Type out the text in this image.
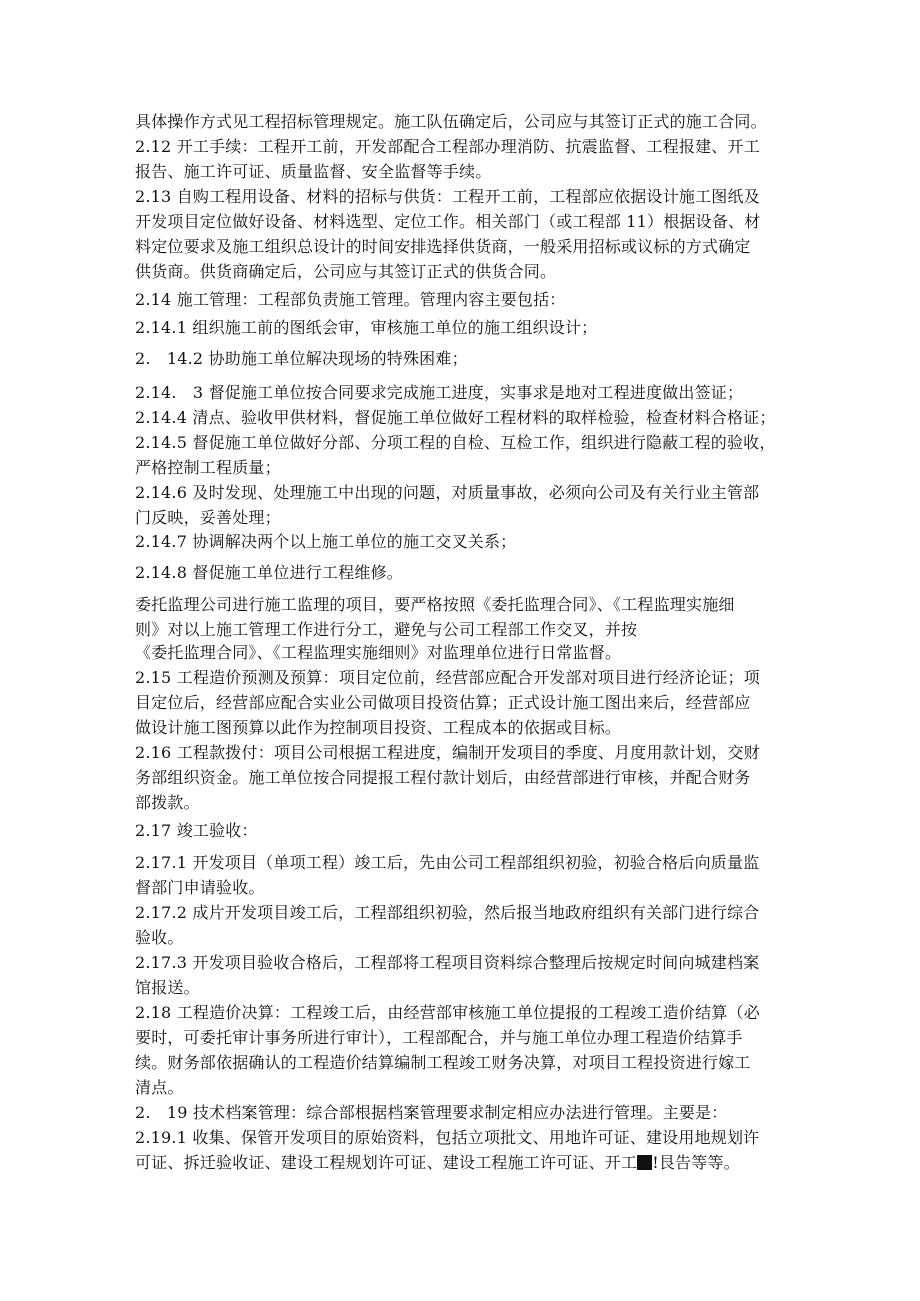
具体操作方式见工程招标管理规定。施工队伍确定后，公司应与其签订正式的施工合同。
2.12 开工手续：工程开工前，开发部配合工程部办理消防、抗震监督、工程报建、开工
报告、施工许可证、质量监督、安全监督等手续。
2.13 自购工程用设备、材料的招标与供货：工程开工前，工程部应依据设计施工图纸及
开发项目定位做好设备、材料选型、定位工作。相关部门（或工程部 11）根据设备、材
料定位要求及施工组织总设计的时间安排选择供货商，一般采用招标或议标的方式确定
供货商。供货商确定后，公司应与其签订正式的供货合同。
2.14 施工管理：工程部负责施工管理。管理内容主要包括：
2.14.1 组织施工前的图纸会审，审核施工单位的施工组织设计；
2.　14.2 协助施工单位解决现场的特殊困难；
2.14.　3 督促施工单位按合同要求完成施工进度，实事求是地对工程进度做出签证；
2.14.4 清点、验收甲供材料，督促施工单位做好工程材料的取样检验，检查材料合格证；
2.14.5 督促施工单位做好分部、分项工程的自检、互检工作，组织进行隐蔽工程的验收，
严格控制工程质量；
2.14.6 及时发现、处理施工中出现的问题，对质量事故，必须向公司及有关行业主管部
门反映，妥善处理；
2.14.7 协调解决两个以上施工单位的施工交叉关系；
2.14.8 督促施工单位进行工程维修。
委托监理公司进行施工监理的项目，要严格按照《委托监理合同》、《工程监理实施细
则》对以上施工管理工作进行分工，避免与公司工程部工作交叉，并按
《委托监理合同》、《工程监理实施细则》对监理单位进行日常监督。
2.15 工程造价预测及预算：项目定位前，经营部应配合开发部对项目进行经济论证；项
目定位后，经营部应配合实业公司做项目投资估算；正式设计施工图出来后，经营部应
做设计施工图预算以此作为控制项目投资、工程成本的依据或目标。
2.16 工程款拨付：项目公司根据工程进度，编制开发项目的季度、月度用款计划，交财
务部组织资金。施工单位按合同提报工程付款计划后，由经营部进行审核，并配合财务
部拨款。
2.17 竣工验收：
2.17.1 开发项目（单项工程）竣工后，先由公司工程部组织初验，初验合格后向质量监
督部门申请验收。
2.17.2 成片开发项目竣工后，工程部组织初验，然后报当地政府组织有关部门进行综合
验收。
2.17.3 开发项目验收合格后，工程部将工程项目资料综合整理后按规定时间向城建档案
馆报送。
2.18 工程造价决算：工程竣工后，由经营部审核施工单位提报的工程竣工造价结算（必
要时，可委托审计事务所进行审计），工程部配合，并与施工单位办理工程造价结算手
续。财务部依据确认的工程造价结算编制工程竣工财务决算，对项目工程投资进行嫁工
清点。
2.　19 技术档案管理：综合部根据档案管理要求制定相应办法进行管理。主要是：
2.19.1 收集、保管开发项目的原始资料，包括立项批文、用地许可证、建设用地规划许
可证、拆迁验收证、建设工程规划许可证、建设工程施工许可证、开工 !艮告等等。
